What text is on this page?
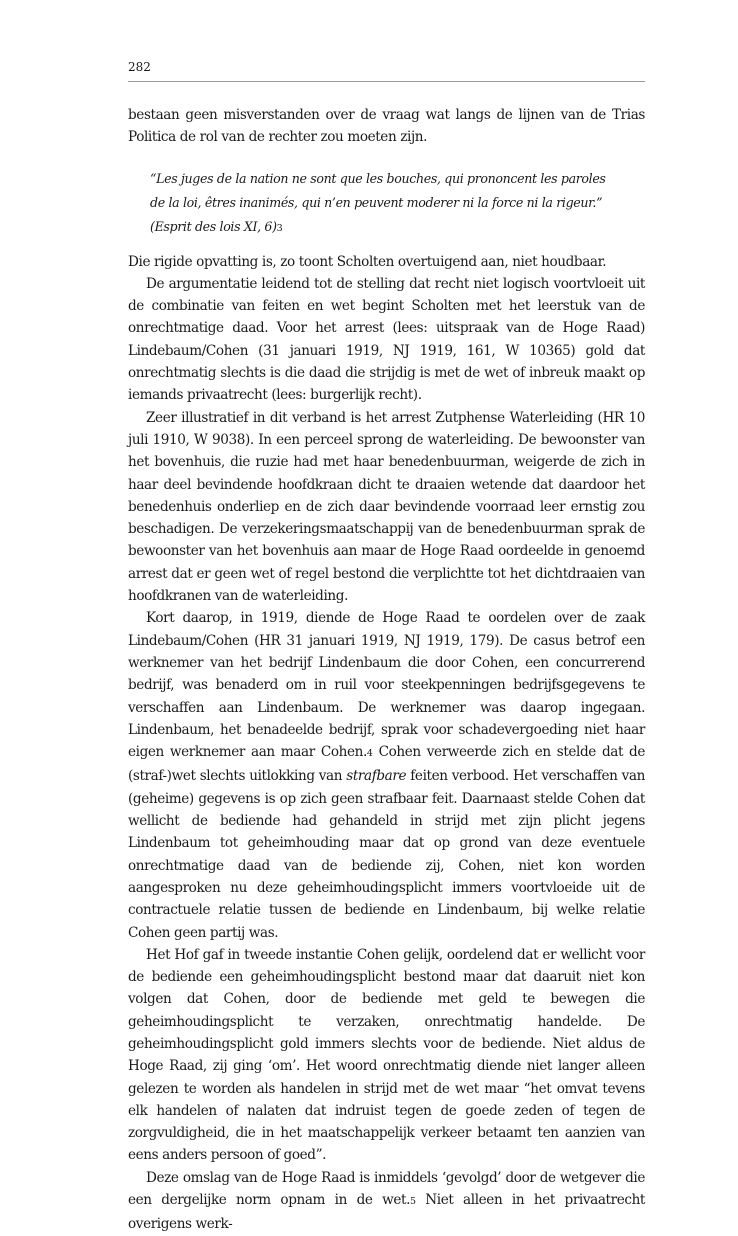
282

bestaan geen misverstanden over de vraag wat langs de lijnen van de Trias Politica de rol van de rechter zou moeten zijn.

“Les juges de la nation ne sont que les bouches, qui prononcent les paroles de la loi, êtres inanimés, qui n’en peuvent moderer ni la force ni la rigeur.” (Esprit des lois XI, 6)3

Die rigide opvatting is, zo toont Scholten overtuigend aan, niet houdbaar.

De argumentatie leidend tot de stelling dat recht niet logisch voortvloeit uit de combinatie van feiten en wet begint Scholten met het leerstuk van de onrechtmatige daad. Voor het arrest (lees: uitspraak van de Hoge Raad) Lindebaum/Cohen (31 januari 1919, NJ 1919, 161, W 10365) gold dat onrechtmatig slechts is die daad die strijdig is met de wet of inbreuk maakt op iemands privaatrecht (lees: burgerlijk recht).

Zeer illustratief in dit verband is het arrest Zutphense Waterleiding (HR 10 juli 1910, W 9038). In een perceel sprong de waterleiding. De bewoonster van het bovenhuis, die ruzie had met haar benedenbuurman, weigerde de zich in haar deel bevindende hoofdkraan dicht te draaien wetende dat daardoor het benedenhuis onderliep en de zich daar bevindende voorraad leer ernstig zou beschadigen. De verzekeringsmaatschappij van de benedenbuurman sprak de bewoonster van het bovenhuis aan maar de Hoge Raad oordeelde in genoemd arrest dat er geen wet of regel bestond die verplichtte tot het dichtdraaien van hoofdkranen van de waterleiding.

Kort daarop, in 1919, diende de Hoge Raad te oordelen over de zaak Lindebaum/Cohen (HR 31 januari 1919, NJ 1919, 179). De casus betrof een werknemer van het bedrijf Lindenbaum die door Cohen, een concurrerend bedrijf, was benaderd om in ruil voor steekpenningen bedrijfsgegevens te verschaffen aan Lindenbaum. De werknemer was daarop ingegaan. Lindenbaum, het benadeelde bedrijf, sprak voor schadevergoeding niet haar eigen werknemer aan maar Cohen.4 Cohen verweerde zich en stelde dat de (straf-)wet slechts uitlokking van strafbare feiten verbood. Het verschaffen van (geheime) gegevens is op zich geen strafbaar feit. Daarnaast stelde Cohen dat wellicht de bediende had gehandeld in strijd met zijn plicht jegens Lindenbaum tot geheimhouding maar dat op grond van deze eventuele onrechtmatige daad van de bediende zij, Cohen, niet kon worden aangesproken nu deze geheimhoudingsplicht immers voortvloeide uit de contractuele relatie tussen de bediende en Lindenbaum, bij welke relatie Cohen geen partij was.

Het Hof gaf in tweede instantie Cohen gelijk, oordelend dat er wellicht voor de bediende een geheimhoudingsplicht bestond maar dat daaruit niet kon volgen dat Cohen, door de bediende met geld te bewegen die geheimhoudingsplicht te verzaken, onrechtmatig handelde. De geheimhoudingsplicht gold immers slechts voor de bediende. Niet aldus de Hoge Raad, zij ging ‘om’. Het woord onrechtmatig diende niet langer alleen gelezen te worden als handelen in strijd met de wet maar “het omvat tevens elk handelen of nalaten dat indruist tegen de goede zeden of tegen de zorgvuldigheid, die in het maatschappelijk verkeer betaamt ten aanzien van eens anders persoon of goed”.

Deze omslag van de Hoge Raad is inmiddels ‘gevolgd’ door de wetgever die een dergelijke norm opnam in de wet.5 Niet alleen in het privaatrecht overigens werk-
